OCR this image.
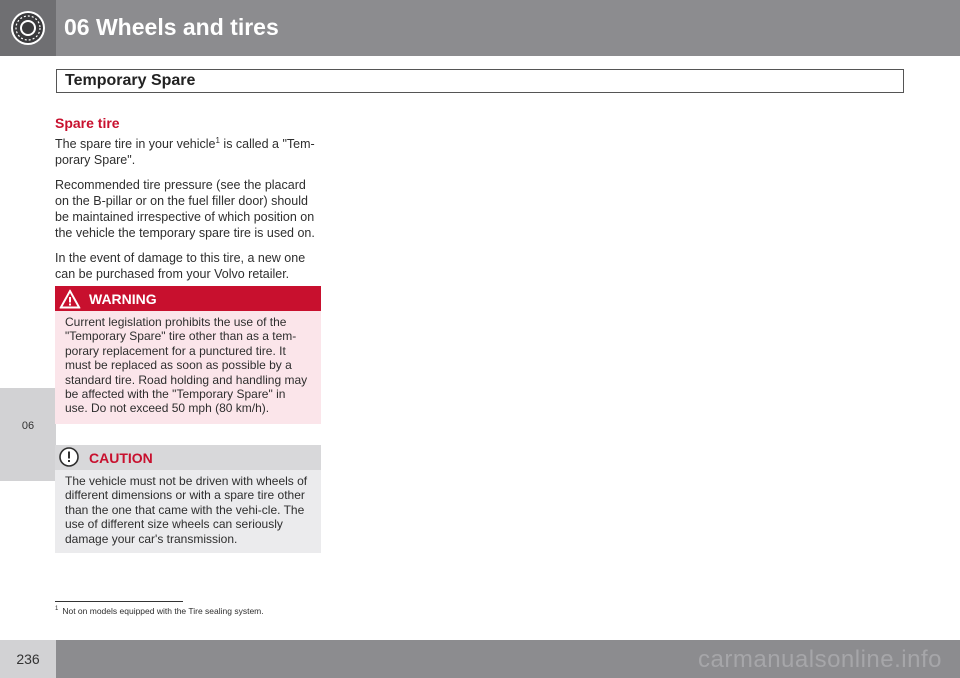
06 Wheels and tires
Temporary Spare
06
Spare tire

The spare tire in your vehicle$^1$ is called a "Tem-porary Spare".

Recommended tire pressure (see the placard on the B-pillar or on the fuel filler door) should be maintained irrespective of which position on the vehicle the temporary spare tire is used on.

In the event of damage to this tire, a new one can be purchased from your Volvo retailer.

WARNING
Current legislation prohibits the use of the "Temporary Spare" tire other than as a tem-porary replacement for a punctured tire. It must be replaced as soon as possible by a standard tire. Road holding and handling may be affected with the "Temporary Spare" in use. Do not exceed 50 mph (80 km/h).
CAUTION
The vehicle must not be driven with wheels of different dimensions or with a spare tire other than the one that came with the vehi-cle. The use of different size wheels can seriously damage your car's transmission.
$^1$ Not on models equipped with the Tire sealing system.
236	carmanualsonline.info
